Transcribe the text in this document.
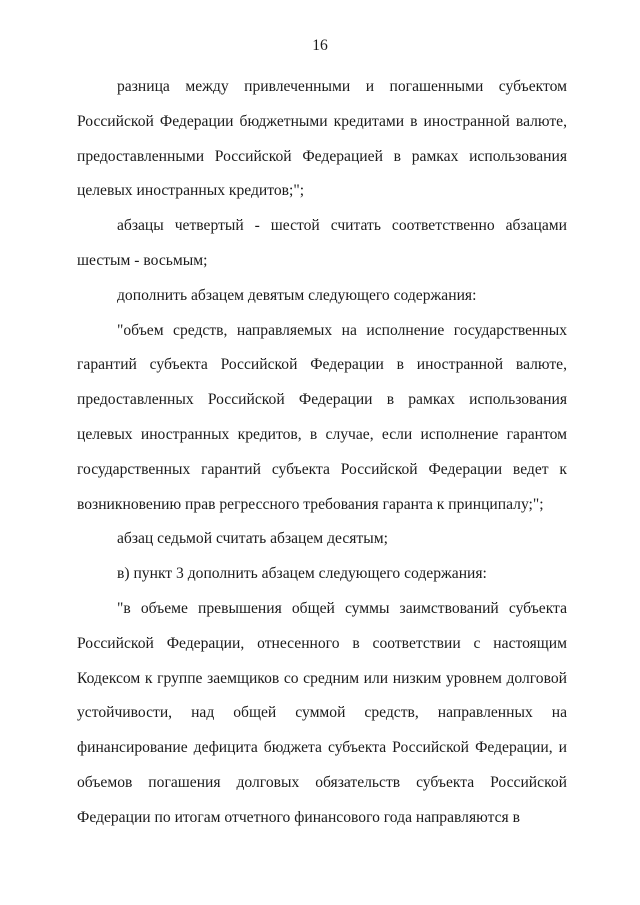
16

разница между привлеченными и погашенными субъектом Российской Федерации бюджетными кредитами в иностранной валюте, предоставленными Российской Федерацией в рамках использования целевых иностранных кредитов;";

абзацы четвертый - шестой считать соответственно абзацами шестым - восьмым;

дополнить абзацем девятым следующего содержания:

"объем средств, направляемых на исполнение государственных гарантий субъекта Российской Федерации в иностранной валюте, предоставленных Российской Федерации в рамках использования целевых иностранных кредитов, в случае, если исполнение гарантом государственных гарантий субъекта Российской Федерации ведет к возникновению прав регрессного требования гаранта к принципалу;";

абзац седьмой считать абзацем десятым;

в) пункт 3 дополнить абзацем следующего содержания:

"в объеме превышения общей суммы заимствований субъекта Российской Федерации, отнесенного в соответствии с настоящим Кодексом к группе заемщиков со средним или низким уровнем долговой устойчивости, над общей суммой средств, направленных на финансирование дефицита бюджета субъекта Российской Федерации, и объемов погашения долговых обязательств субъекта Российской Федерации по итогам отчетного финансового года направляются в
